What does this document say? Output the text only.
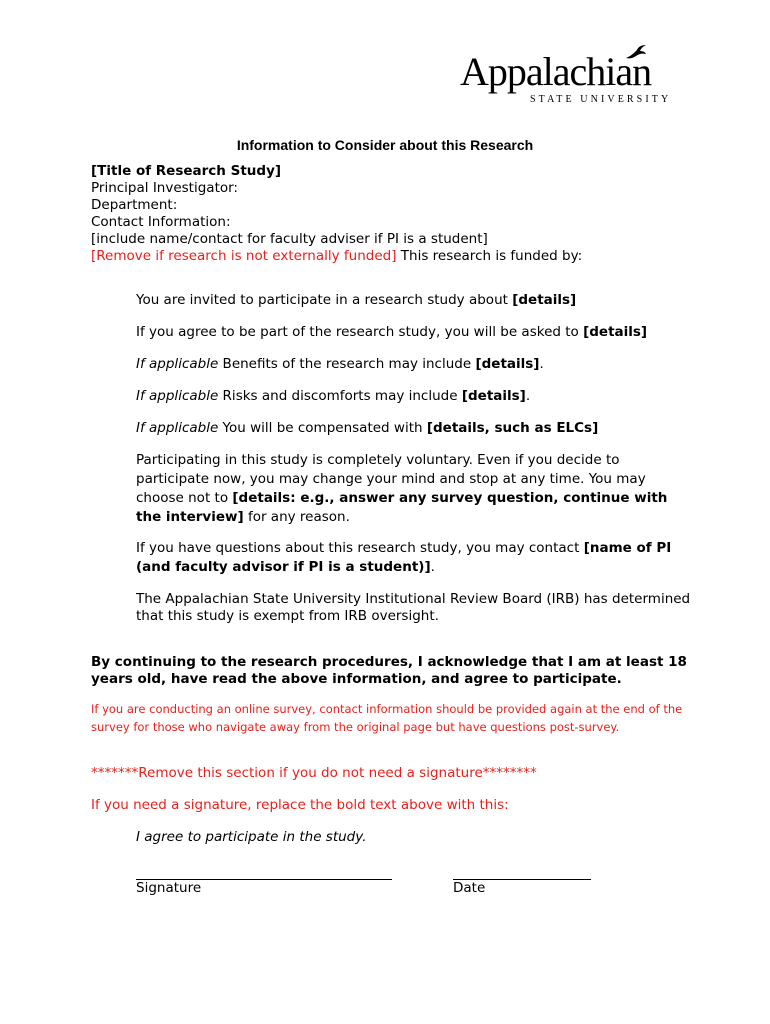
Appalachian
STATE UNIVERSITY
Information to Consider about this Research
[Title of Research Study]
Principal Investigator:
Department:
Contact Information:
[include name/contact for faculty adviser if PI is a student]
[Remove if research is not externally funded] This research is funded by:
You are invited to participate in a research study about [details]
If you agree to be part of the research study, you will be asked to [details]
If applicable Benefits of the research may include [details].
If applicable Risks and discomforts may include [details].
If applicable You will be compensated with [details, such as ELCs]
Participating in this study is completely voluntary. Even if you decide to participate now, you may change your mind and stop at any time. You may choose not to [details: e.g., answer any survey question, continue with the interview] for any reason.
If you have questions about this research study, you may contact [name of PI (and faculty advisor if PI is a student)].
The Appalachian State University Institutional Review Board (IRB) has determined that this study is exempt from IRB oversight.
By continuing to the research procedures, I acknowledge that I am at least 18 years old, have read the above information, and agree to participate.
If you are conducting an online survey, contact information should be provided again at the end of the survey for those who navigate away from the original page but have questions post-survey.
*******Remove this section if you do not need a signature********
If you need a signature, replace the bold text above with this:
I agree to participate in the study.
Signature	Date
